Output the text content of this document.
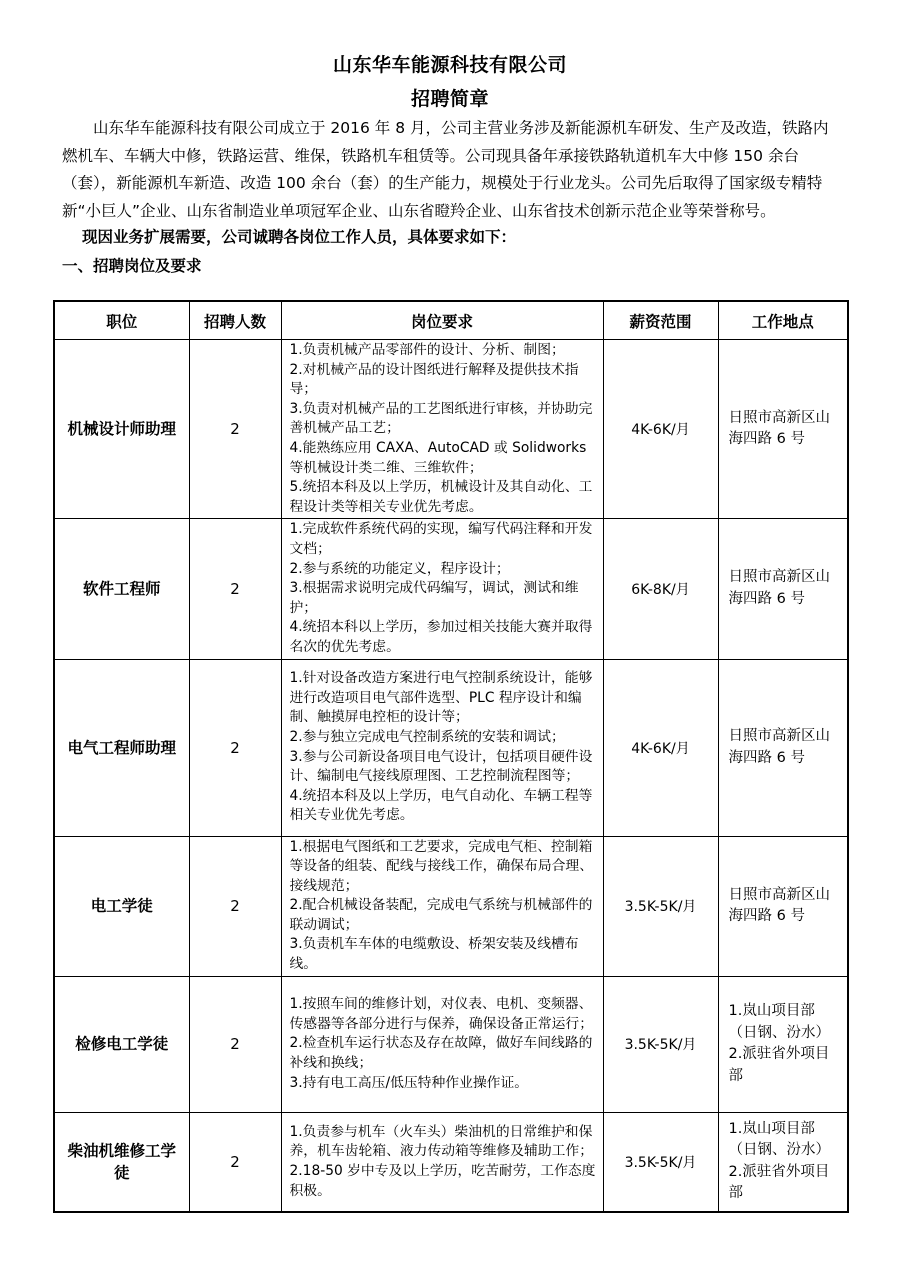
山东华车能源科技有限公司
招聘简章

山东华车能源科技有限公司成立于 2016 年 8 月，公司主营业务涉及新能源机车研发、生产及改造，铁路内燃机车、车辆大中修，铁路运营、维保，铁路机车租赁等。公司现具备年承接铁路轨道机车大中修 150 余台（套），新能源机车新造、改造 100 余台（套）的生产能力，规模处于行业龙头。公司先后取得了国家级专精特新“小巨人”企业、山东省制造业单项冠军企业、山东省瞪羚企业、山东省技术创新示范企业等荣誉称号。

现因业务扩展需要，公司诚聘各岗位工作人员，具体要求如下：

一、招聘岗位及要求

职位	招聘人数	岗位要求	薪资范围	工作地点
机械设计师助理	2	1.负责机械产品零部件的设计、分析、制图；
2.对机械产品的设计图纸进行解释及提供技术指导；
3.负责对机械产品的工艺图纸进行审核，并协助完善机械产品工艺；
4.能熟练应用 CAXA、AutoCAD 或 Solidworks 等机械设计类二维、三维软件；
5.统招本科及以上学历，机械设计及其自动化、工程设计类等相关专业优先考虑。	4K-6K/月	日照市高新区山海四路 6 号
软件工程师	2	1.完成软件系统代码的实现，编写代码注释和开发文档；
2.参与系统的功能定义，程序设计；
3.根据需求说明完成代码编写，调试，测试和维护；
4.统招本科以上学历，参加过相关技能大赛并取得名次的优先考虑。	6K-8K/月	日照市高新区山海四路 6 号
电气工程师助理	2	1.针对设备改造方案进行电气控制系统设计，能够进行改造项目电气部件选型、PLC 程序设计和编制、触摸屏电控柜的设计等；
2.参与独立完成电气控制系统的安装和调试；
3.参与公司新设备项目电气设计，包括项目硬件设计、编制电气接线原理图、工艺控制流程图等；
4.统招本科及以上学历，电气自动化、车辆工程等相关专业优先考虑。	4K-6K/月	日照市高新区山海四路 6 号
电工学徒	2	1.根据电气图纸和工艺要求，完成电气柜、控制箱等设备的组装、配线与接线工作，确保布局合理、接线规范；
2.配合机械设备装配，完成电气系统与机械部件的联动调试；
3.负责机车车体的电缆敷设、桥架安装及线槽布线。	3.5K-5K/月	日照市高新区山海四路 6 号
检修电工学徒	2	1.按照车间的维修计划，对仪表、电机、变频器、传感器等各部分进行与保养，确保设备正常运行；
2.检查机车运行状态及存在故障，做好车间线路的补线和换线；
3.持有电工高压/低压特种作业操作证。	3.5K-5K/月	1.岚山项目部（日钢、汾水）2.派驻省外项目部
柴油机维修工学徒	2	1.负责参与机车（火车头）柴油机的日常维护和保养，机车齿轮箱、液力传动箱等维修及辅助工作；
2.18-50 岁中专及以上学历，吃苦耐劳，工作态度积极。	3.5K-5K/月	1.岚山项目部（日钢、汾水）2.派驻省外项目部
